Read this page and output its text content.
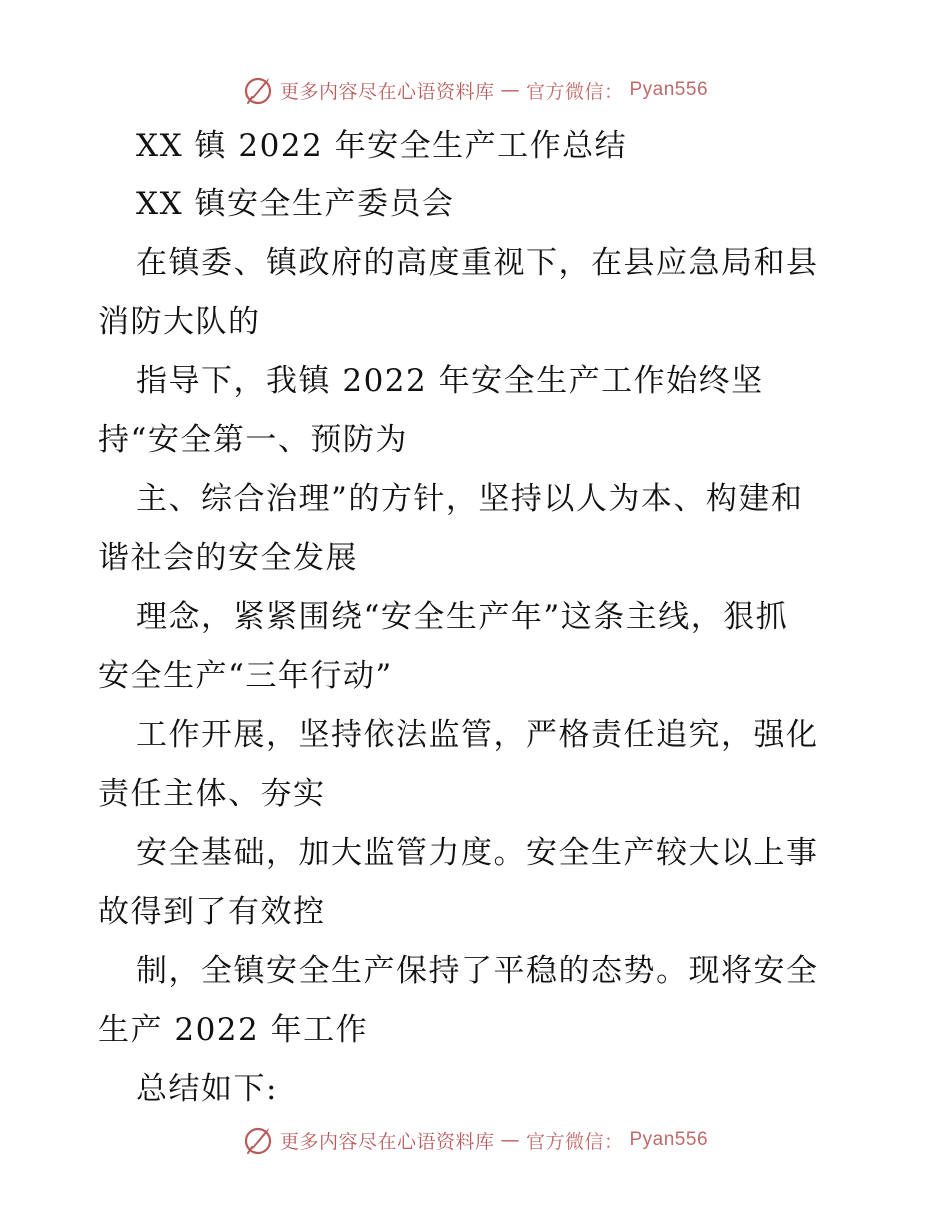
更多内容尽在心语资料库 — 官方微信： Pyan556
XX 镇 2022 年安全生产工作总结
XX 镇安全生产委员会
在镇委、镇政府的高度重视下，在县应急局和县
消防大队的
指导下，我镇 2022 年安全生产工作始终坚
持“安全第一、预防为
主、综合治理”的方针，坚持以人为本、构建和
谐社会的安全发展
理念，紧紧围绕“安全生产年”这条主线，狠抓
安全生产“三年行动”
工作开展，坚持依法监管，严格责任追究，强化
责任主体、夯实
安全基础，加大监管力度。安全生产较大以上事
故得到了有效控
制，全镇安全生产保持了平稳的态势。现将安全
生产 2022 年工作
总结如下:
更多内容尽在心语资料库 — 官方微信： Pyan556
